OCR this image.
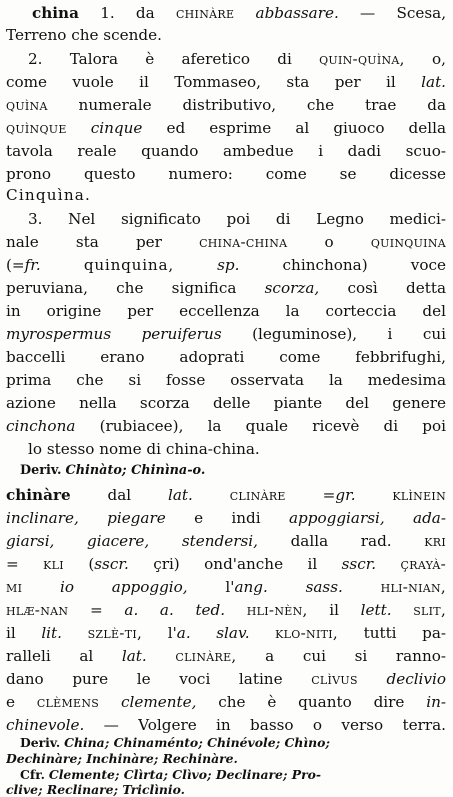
china 1. da chinàre abbassare. — Scesa,
Terreno che scende.
2. Talora è aferetico di quin-quìna, o,
come vuole il Tommaseo, sta per il lat.
quìna numerale distributivo, che trae da
quìnque cinque ed esprime al giuoco della
tavola reale quando ambedue i dadi scuo-
prono questo numero: come se dicesse
Cinquìna.
3. Nel significato poi di Legno medici-
nale sta per china-china o quinquina
(=fr.	quinquina,	sp.	chinchona)	voce
peruviana, che significa scorza, così detta
in origine per eccellenza la corteccia del
myrospermus peruiferus (leguminose), i cui
baccelli erano adoprati come febbrifughi,
prima che si fosse osservata la medesima
azione nella scorza delle piante del genere
cinchona (rubiacee), la quale ricevè di poi
lo stesso nome di china-china.
Deriv. Chinàto; Chinìna-o.
chinàre dal lat. clinàre =gr. klìnein
inclinare, piegare e indi appoggiarsi, ada-
giarsi, giacere, stendersi, dalla rad. kri
= kli (sscr. çri) ond'anche il sscr. çrayà-
mi io appoggio, l'ang. sass. hli-nian,
hlæ-nan = a. a. ted. hli-nèn, il lett. slit,
il lit. szlè-ti, l'a. slav. klo-niti, tutti pa-
ralleli al lat. clinàre, a cui si ranno-
dano pure le voci latine clìvus declivio
e clèmens clemente, che è quanto dire in-
chinevole. — Volgere in basso o verso terra.
Deriv. China; Chinaménto; Chinévole; Chìno;
Dechinàre; Inchinàre; Rechinàre.
Cfr. Clemente; Clìrta; Clìvo; Declinare; Pro-
clive; Reclinare; Triclìnio.
